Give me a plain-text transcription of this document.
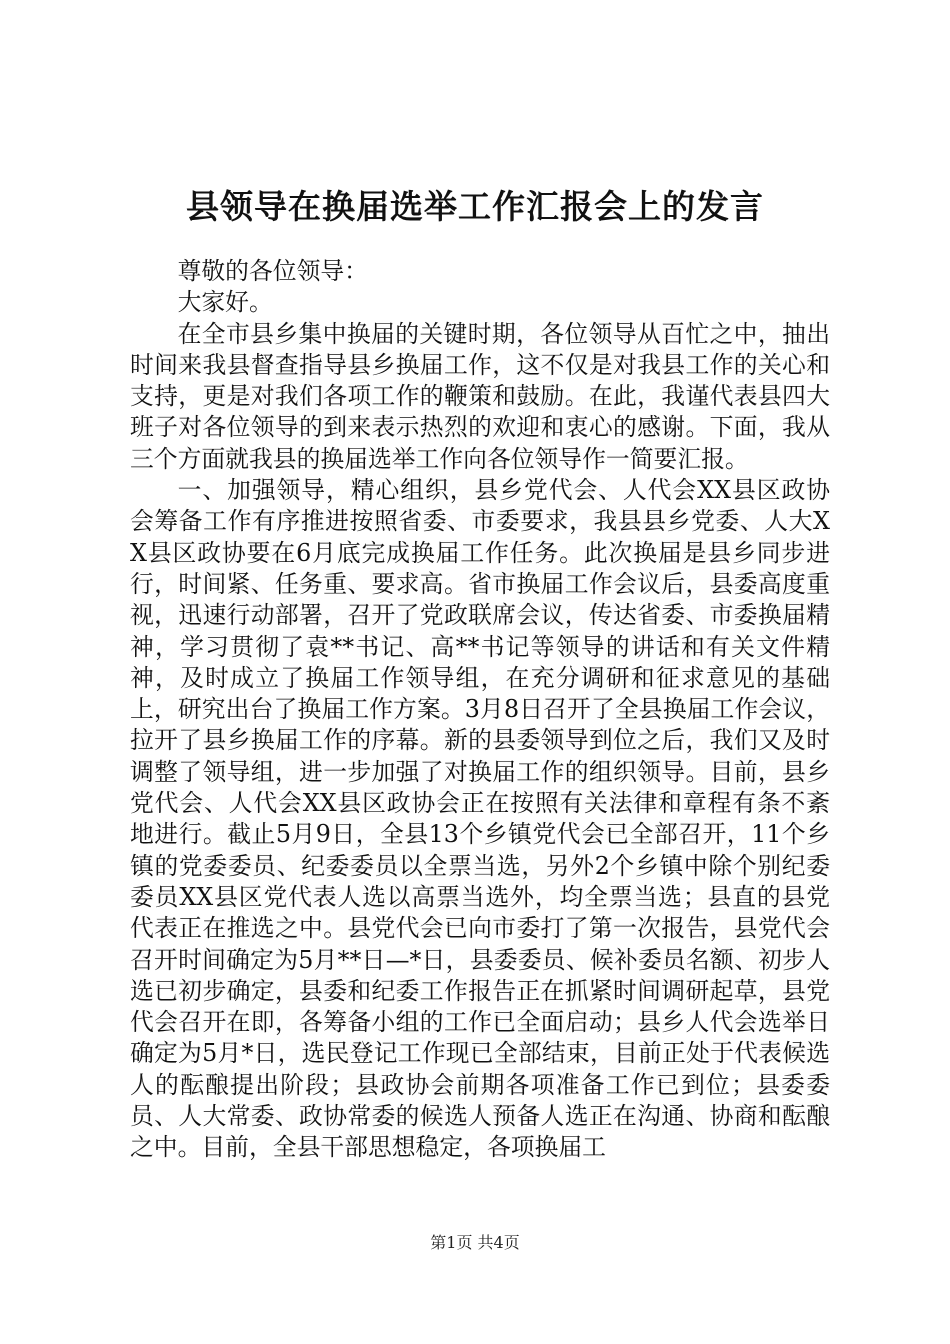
县领导在换届选举工作汇报会上的发言

尊敬的各位领导：

大家好。

在全市县乡集中换届的关键时期，各位领导从百忙之中，抽出时间来我县督查指导县乡换届工作，这不仅是对我县工作的关心和支持，更是对我们各项工作的鞭策和鼓励。在此，我谨代表县四大班子对各位领导的到来表示热烈的欢迎和衷心的感谢。下面，我从三个方面就我县的换届选举工作向各位领导作一简要汇报。

一、加强领导，精心组织，县乡党代会、人代会XX县区政协会筹备工作有序推进按照省委、市委要求，我县县乡党委、人大XX县区政协要在6月底完成换届工作任务。此次换届是县乡同步进行，时间紧、任务重、要求高。省市换届工作会议后，县委高度重视，迅速行动部署，召开了党政联席会议，传达省委、市委换届精神，学习贯彻了袁**书记、高**书记等领导的讲话和有关文件精神，及时成立了换届工作领导组，在充分调研和征求意见的基础上，研究出台了换届工作方案。3月8日召开了全县换届工作会议，拉开了县乡换届工作的序幕。新的县委领导到位之后，我们又及时调整了领导组，进一步加强了对换届工作的组织领导。目前，县乡党代会、人代会XX县区政协会正在按照有关法律和章程有条不紊地进行。截止5月9日，全县13个乡镇党代会已全部召开，11个乡镇的党委委员、纪委委员以全票当选，另外2个乡镇中除个别纪委委员XX县区党代表人选以高票当选外，均全票当选；县直的县党代表正在推选之中。县党代会已向市委打了第一次报告，县党代会召开时间确定为5月**日—*日，县委委员、候补委员名额、初步人选已初步确定，县委和纪委工作报告正在抓紧时间调研起草，县党代会召开在即，各筹备小组的工作已全面启动；县乡人代会选举日确定为5月*日，选民登记工作现已全部结束，目前正处于代表候选人的酝酿提出阶段；县政协会前期各项准备工作已到位；县委委员、人大常委、政协常委的候选人预备人选正在沟通、协商和酝酿之中。目前，全县干部思想稳定，各项换届工

第1页 共4页
